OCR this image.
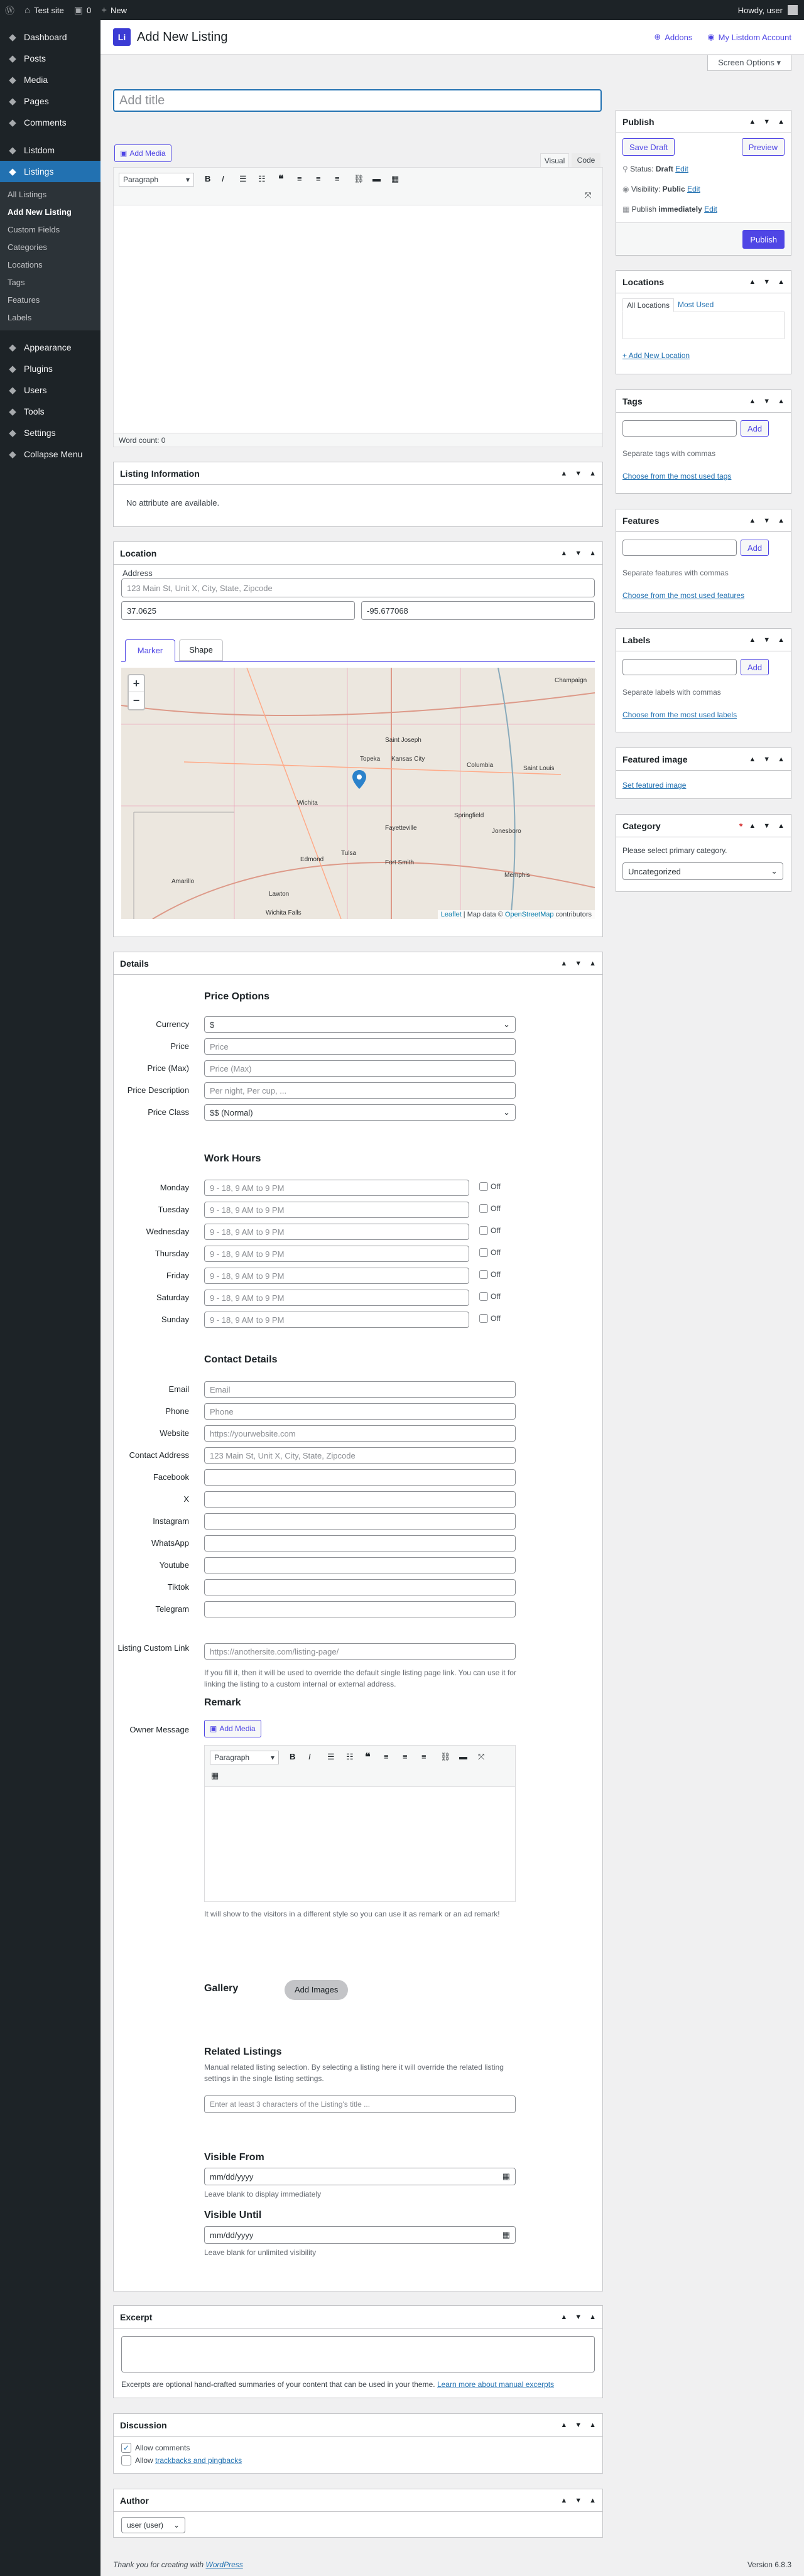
Ⓦ ⌂ Test site ▣ 0 + New	Howdy, user
◆ Dashboard
◆ Posts
◆ Media
◆ Pages
◆ Comments
◆ Listdom
◆ Listings
All Listings
Add New Listing
Custom Fields
Categories
Locations
Tags
Features
Labels
◆ Appearance
◆ Plugins
◆ Users
◆ Tools
◆ Settings
◆ Collapse Menu
Li Add New Listing	⊕ Addons ◉ My Listdom Account
Screen Options ▾
Add title
▣ Add Media
Visual	Code
Paragraph	▾ B I ☰ ☷ ❝ ≡ ≡ ≡ ⛓ ▬ ▦
⤧
Word count: 0
Listing Information	▲ ▼ ▲
No attribute are available.
Location	▲ ▼ ▲
Address
123 Main St, Unit X, City, State, Zipcode
37.0625	-95.677068
Marker	Shape
Saint Joseph
Kansas City
Columbia	Saint Louis
Topeka
Wichita
Springfield
Tulsa
Fayetteville	Jonesboro
Edmond	Fort Smith
Memphis
Amarillo
Lawton
Champaign
Wichita Falls
+
−
Leaflet | Map data © OpenStreetMap contributors
Details	▲ ▼ ▲
Price Options
Currency	$	⌄
Price	Price
Price (Max)	Price (Max)
Price Description	Per night, Per cup, ...
Price Class	$$ (Normal)	⌄
Work Hours
Monday	9 - 18, 9 AM to 9 PM	Off
Tuesday	9 - 18, 9 AM to 9 PM	Off
Wednesday	9 - 18, 9 AM to 9 PM	Off
Thursday	9 - 18, 9 AM to 9 PM	Off
Friday	9 - 18, 9 AM to 9 PM	Off
Saturday	9 - 18, 9 AM to 9 PM	Off
Sunday	9 - 18, 9 AM to 9 PM	Off
Contact Details
Email	Email
Phone	Phone
Website	https://yourwebsite.com
Contact Address	123 Main St, Unit X, City, State, Zipcode
Facebook
X
Instagram
WhatsApp
Youtube
Tiktok
Telegram
Listing Custom Link	https://anothersite.com/listing-page/
If you fill it, then it will be used to override the default single listing page link. You can use it for linking the listing to a custom internal or external address.
Remark
Owner Message	▣ Add Media
Paragraph	▾ B I ☰ ☷ ❝ ≡ ≡ ≡ ⛓ ▬ ⤧
▦
It will show to the visitors in a different style so you can use it as remark or an ad remark!
Gallery	Add Images
Related Listings
Manual related listing selection. By selecting a listing here it will override the related listing settings in the single listing settings.
Enter at least 3 characters of the Listing's title ...
Visible From
mm/dd/yyyy	▦
Leave blank to display immediately
Visible Until
mm/dd/yyyy	▦
Leave blank for unlimited visibility
Excerpt	▲ ▼ ▲
Excerpts are optional hand-crafted summaries of your content that can be used in your theme. Learn more about manual excerpts
Discussion	▲ ▼ ▲
✓ Allow comments
Allow trackbacks and pingbacks
Author	▲ ▼ ▲
user (user) ⌄
Publish	▲ ▼ ▲
Save Draft	Preview
⚲ Status: Draft Edit
◉ Visibility: Public Edit
▦ Publish immediately Edit
Publish
Locations	▲ ▼ ▲
All Locations	Most Used
+ Add New Location
Tags	▲ ▼ ▲
Add
Separate tags with commas
Choose from the most used tags
Features	▲ ▼ ▲
Add
Separate features with commas
Choose from the most used features
Labels	▲ ▼ ▲
Add
Separate labels with commas
Choose from the most used labels
Featured image	▲ ▼ ▲
Set featured image
Category	* ▲ ▼ ▲
Please select primary category.
Uncategorized	⌄
Thank you for creating with WordPress	Version 6.8.3
